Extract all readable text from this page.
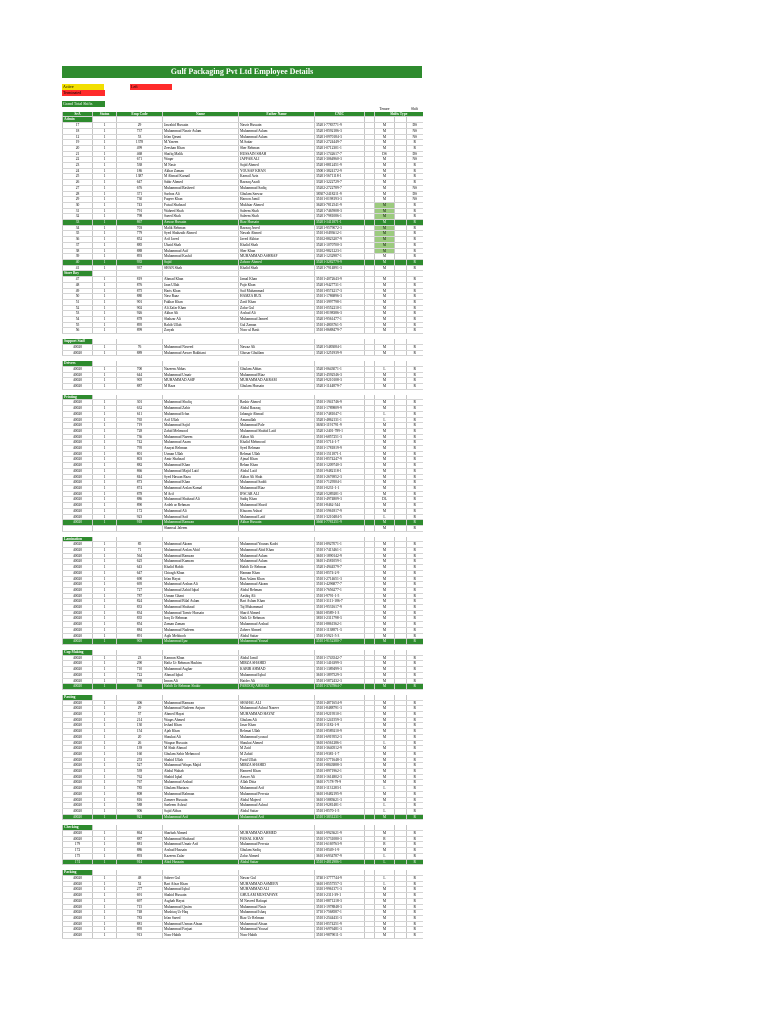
Gulf Packaging Pvt Ltd Employee Details
Active	Left
Terminated
Grand Total Shifts
							Tenure		Shift
SrA	Status	Emp Code	Name	Father Name	CNIC		Shifts Type		
Admin									
17	1	29	Jawahid Hussain	Nasrir Hussain	35201-7783771-9		M		DS
18	1	737	Muhammad Nasrir Aslam	Muhammad Aslam	35201-8592186-3		M		NS
12	1	53	Irfan Qasmi	Muhammad Aslam	35201-0970184-3		M		NS
19	1	1378	M.Yaseen	M.Sattar	35201-2724449-7		M		R
20	1	499	Zeeshan Khan	Sher Rehman	35201-0712301-1		M		R
21	1	468	Shafiq Malik	HUSSAIN SHAH	35201-1742617-7		DS		DS
22	1	671	Waqar	JAFFAR ALI	35201-3064960-3		M		NS
23	1	538	M Nasir	Sajid Ahmed	35201-8812451-9		M		R
24	1	186	Akbar Zaman	YOUSAF KHAN	35001-3824172-9		M		R
25	1	1387	M Ahmad Karnail	Karnail Aziz	35201-5671118-1		M		R
26	1	647	Sabir Ahmed	Razzaq Asadi	33201-3222729-7		M		R
27	1	676	Muhammad Rasheed	Muhammad Sadiq	35202-2722789-7		M		NS
28	1	371	Sarfraz Ali	Ghulam Sarwar	38307-2418211-9		M		DS
29	1	730	Faqeer Khan	Haroon Jamil	35101-0198193-3		M		NS
30	1	743	Faisal Shahzad	Mukhtar Ahmed	36203-7812541-9		M		R
31	1	791	Waheed Shah	Saleem Shah	35201-7465908-3		M		R
32	1	798	Saeed Shah	Saleem Shah	35201-7981086-1		M		R
33	1	867	Anwar Hussain	Riaz Hussain	35201-1411871-1		M		R
34	1	703	Malik Rehman	Razzaq Javed	33201-9579072-3		M		R
35	1	779	Syed Shahzaib Ahmed	Nawab Ahmed	35101-0493612-1		M		R
36	1	852	Arif Javed	Javed Akhtar	35102-8823207-9		M		R
37	1	885	Ubaid Shah	Khalid Shah	35201-1070700-3		M		R
38	1	888	Muhammad Asif	Sher Khan	33102-9821223-1		M		R
39	1	893	Muhammad Kashif	MUHAMMAD ASHRAF	35201-1232987-1		M		R
40	1	935	Sajid	Zahoor Ahmed	35201-3282779-9		M		R
41	1	937	SHAN Shah	Khalid Shah	35201-7914891-3		M		R
Store Boy									
47	1	819	Ahmad Khan	Jamal Khan	35101-4072643-9		M		R
48	1	876	Jaan Ullah	Pajir Khan	35201-9427731-1		M		R
49	1	875	Haris Khan	Saif Muhammad	35101-8574217-3		M		R
50	1	880	Nasr Baaz	HAMZA BUX	35101-1786896-3		M		R
51	1	901	Fakhar Khan	Zarif Khan	35101-3997798-1		M		R
52	1	902	Ali Zafar Khan	Zafar Gul	35101-0552210-1		M		R
53	1	926	Akbar Ali	Arshad Ali	35101-8198386-3		M		R
54	1	878	Shahzar Ali	Muhammad Jameel	35201-9561477-1		M		R
55	1	895	Rahib Ullah	Gul Zaman	35101-4803761-5		M		R
56	1	899	Zaryab	Noor ul Basit	35101-8688479-7		M		R

Support Staff									
40020	1	76	Muhammad Naveed	Nawaz Ali	35201-5483084-1		M		R
40020	1	889	Muhammad Anwer Bakhtani	Ghosar Ghulfam	35201-3251939-9		M		R

Drivers									
40020	1	700	Nazeem Abbas	Ghulam Abbas	35201-0643071-1		L		R
40020	1	644	Muhammad Umair	Muhammad Riaz	35201-4592546-3		M		R
40020	1	905	MUHAMMAD ASIF	MUHAMMAD AKRAM	35201-9210108-3		M		R
40020	1	887	M Raza	Ghulam Hussain	35201-1144879-7		M		R

Printing									
40020	1	301	Muhammad Shafiq	Bashir Ahmed	35101-1941746-9		M		R
40020	1	632	Muhammad Zahir	Abdul Razzaq	35101-1789809-9		M		R
40020	1	611	Muhammad Irfan	Jahangir Ahmad	35101-7481047-1		L		R
40020	1	765	Arif Ullah	Amanullah	35201-4862131-1		L		R
40020	1	719	Muhammad Sajid	Muhammad Pale	36303-1191791-9		M		R
40020	1	728	Zahid Mehmood	Muhammad Shahid Latif	35201-2401-789-1		M		R
40020	1	736	Muhammad Naeem	Akbar Ali	35101-6857251-3		M		R
40020	1	742	Muhammad Azam	Khalid Mehmood	35101-5714-1-7		M		R
40020	1	795	Anayat Rehman	Syed Rehman	35101-1781819-9		M		R
40020	1	801	Usman Ullah	Rehmat Ullah	35101-1511871-1		M		R
40020	1	803	Amir Shahzad	Ajmal Khan	35101-8574247-9		M		R
40020	1	882	Muhammad Khan	Rehan Khan	35101-1209740-3		M		R
40020	1	866	Muhammad Majid Latif	Abdul Latif	35101-9482118-1		M		R
40020	1	844	Syed Hassan Raza	Akbar Ali Shah	35101-2676952-3		M		R
40020	1	873	Muhammad Khan	Muhammad Saddi	35101-7129504-1		M		R
40020	1	874	Muhammad Arslan Kamal	Muhammad Riaz	35101-0231-1-1		M		R
40020	1	878	M Arif	IFSCAR ALI	35201-5289281-3		M		R
40020	1	886	Muhammad Shahzad Ali	Sadiq Khan	35101-4974809-3		DL		R
40020	1	890	Ardeh ur Rehman	Muhammad Sharif	35101-8462-544		M		R
40020	1	172	Muhammad Ali	Khuram Ashraf	35101-5961817-9		M		R
40020	1	923	Muhammad Saif	Muhammad Latif	35101-3210484-5		L		R
40020	1	918	Muhammad Ramzan	Akbar Hussain	36601-7781251-9		M		R
			Shamsul Jaleem				M		R

Lamination									
40020	1	85	Muhammad Akram	Muhammad Younas Kadri	35101-8927071-1		M		R
40020	1	71	Muhammad Arslan Abid	Muhammad Abid Khan	35101-7413461-1		M		R
40020	1	564	Muhammad Ramzan	Muhammad Aslam	36101-1890142-9		M		R
40020	1	625	Muhammad Kamran	Muhammad Aslam	36101-4581059-1		M		R
40020	1	643	Khalid Habib	Habib Ur Rehman	35201-4944579-7		M		R
40020	1	647	Chiragh Khan	Hannan Khan	35101-8574-2-9		M		R
40020	1	690	Irfan Hayat	Ban Aslam Khan	35101-2714651-3		M		R
40020	1	695	Muhammad Arshan Ali	Muhammad Akram	35101-4296877-7		M		R
40020	1	727	Muhammad Zahid Iqbal	Abdul Rehman	35101-7656277-1		M		R
40020	1	787	Usman Ghani	Aashiq Ali	35101-9791-1-5		M		R
40020	1	824	Muhammad Bilal Aslam	Bari Aslam Khan	35101-3111-186-7		M		R
40020	1	833	Muhammad Shahzad	Taj Muhammad	35101-9531617-9		M		R
40020	1	834	Muhammad Tanvir Hussain	Sharif Ahmed	36101-8589-1-3		M		R
40020	1	835	Iraq Ur Rehman	Naik Ur Rehman	38101-2311798-3		M		R
40020	1	854	Zaman Zaman	Muhammad Arshad	35101-8861562-1		M		R
40020	1	884	Muhammad Nadeem	Zaheer Ahmed	35101-1138871-3		M		R
40020	1	891	Aqib Mehboob	Abdul Sattar	35101-5921-5-3		M		R
40020	1	903	Muhammad Ijaz	Muhammad Yousaf	35101-9152380-7		M		R

Cup Making									
40020	1	23	Kamran Khan	Abdul Jamil	35101-1743542-7		M		R
40020	1	290	Hafiz Ur Rehman Hashim	MIRZA SHAHID	35101-1416399-3		M		R
40020	1	710	Muhammad Asghar	KABIR AHMAD	35101-1389499-3		M		R
40020	1	722	Ahmad Iqbal	Muhammad Iqbal	36101-1897529-3		M		R
40020	1	798	Imran Ali	Haider Ali	35101-5872432-3		M		R
40020	1	846	Habib Ur Rehman Shakir	FAROOQ AHMAD	35101-3747864-7		M		R

Pasting									
40020	1	406	Muhammad Ramzan	SHAHAL ALI	35101-4871654-9		M		R
40020	1	29	Muhammad Nadeem Anjum	Muhammad Ashraf Nazeer	35101-8488791-3		M		R
40020	1	57	Ahmed Hayat	MUHAMMAD HAYAT	35101-9219510-1		M		R
40020	1	214	Waqas Ahmed	Ghulam Ali	35101-1241559-3		M		R
40020	1	130	Irshad Khan	Jasar Khan	35101-1182-1-9		M		R
40020	1	154	Ajab Khan	Rehmat Ullah	35101-8589210-9		M		R
40020	1	20	Shaukat Ali	Muhammad yousaf	35101-6919552-3		M		R
40020	1	26	Waqaar Hussain	Shaukat Ahmed	36101-6561286-1		L		R
40020	1	139	M Shah Ahmad	M Zaid	35101-3640512-9		M		R
40020	1	160	Ghulam Sabir Mehmood	M Zahid	35101-9381-1-7		M		R
40020	1	253	Shahid Ullah	Farid Ullah	35101-5771648-3		M		R
40020	1	527	Muhammad Waqas Majid	MIRZA SHAHID	35101-8843888-3		M		R
40020	1	539	Abdul Wahab	Hameed Khan	35101-8971962-1		M		R
40020	1	762	Shahid Iqbal	Anwer Ali	35101-1614802-3		M		R
40020	1	767	Muhammad Arshad	Allah Ditta	36101-7178-79-9		M		R
40020	1	785	Ghulam Murtaza	Muhammad Arif	35101-1131283-1		L		R
40020	1	808	Muhammad Rahman	Muhammad Pervaiz	36101-8482195-9		M		R
40020	1	816	Zameer Hussain	Abdul Majeed	36101-5883621-3		M		R
40020	1	588	Saeleem Ashraf	Muhammad Ashraf	35101-9281481-1		L		R
40020	1	906	Sajid Abbas	Abdul Sattar	35101-8570-1-5		L		R
40020	1	921	Muhammad Arif	Muhammad Arif	35101-3831231-1		M		R

Checking									
40020	1	864	Sharbab Ahmed	MUHAMMAD AHMED	36101-9923621-9		M		R
40020	1	887	Muhammad Shahzad	FAISAL KHAN	35101-5731080-3		R		R
179	1	881	Muhammad Umair Arif	Muhammad Pervaiz	35101-6169763-9		R		R
172	1	886	Arshad Hussain	Ghulam Sadiq	35101-8549-1-9		M		R
175	1	893	Kazeem Zafar	Zafar Ahmed	36101-6934787-9		L		R
174	1	914	Abid Hussain	Abdul Sattar	35101-4812986-1		L		R

Packing									
40020	1	48	Sabeer Gul	Nawar Gul	37401-3777744-9		L		R
40020	1	52	Bari Afzar Khan	MUHAMMAD ASMEEN	36101-8557557-3		L		R
40020	1	277	Muhammad Iqbal	MUHAMMAD ALI	33101-9961371-3		M		R
40020	1	691	Shahid Hussain	GHULAM MUSTAFAYE	35101-2311-39-1		M		R
40020	1	697	Asghab Hayat	M Naveed Rafaqat	35101-8871218-3		M		R
40020	1	715	Muhammad Qasim	Muhammad Nasir	35101-1978848-3		M		R
40020	1	748	Mushtaq Ur Haq	Muhammad Ishaq	37101-7568587-1		M		R
40020	1	783	Irfan Saeed	Riaz Ur Rehman	35101-2544431-3		M		R
40020	1	881	Muhammad Usman Ahsan	Muhammad Ahsan	35101-8574251-9		M		R
40020	1	895	Muhammad Farjaat	Muhammad Yousaf	35101-6976481-3		M		R
40020	1	913	Noor Habib	Noor Habib	35101-9879011-3		M		R
